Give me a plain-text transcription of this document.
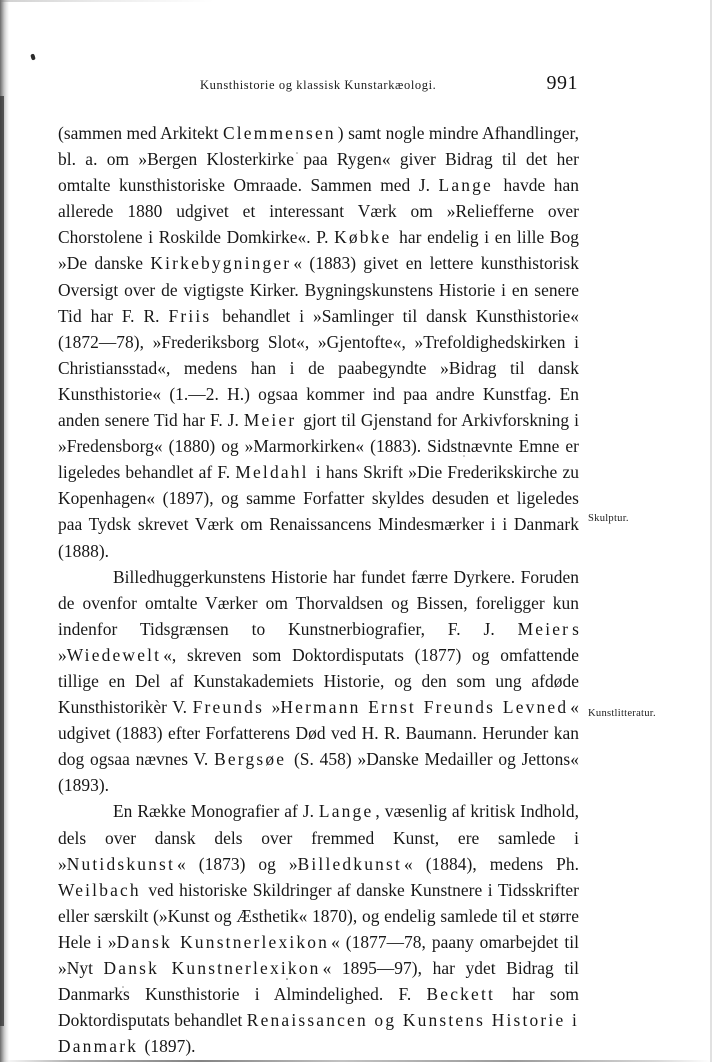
Kunsthistorie og klassisk Kunstarkæologi.	991

(sammen med Arkitekt Clemmensen ) samt nogle mindre Afhandlinger, bl. a. om »Bergen Klosterkirke paa Rygen« giver Bidrag til det her omtalte kunsthistoriske Omraade. Sammen med J. Lange havde han allerede 1880 udgivet et interessant Værk om »Reliefferne over Chorstolene i Roskilde Domkirke«. P. Købke har endelig i en lille Bog »De danske Kirkebygninger « (1883) givet en lettere kunsthistorisk Oversigt over de vigtigste Kirker. Bygningskunstens Historie i en senere Tid har F. R. Friis behandlet i »Samlinger til dansk Kunsthistorie« (1872—78), »Frederiksborg Slot«, »Gjentofte«, »Trefoldighedskirken i Christiansstad«, medens han i de paabegyndte »Bidrag til dansk Kunsthistorie« (1.—2. H.) ogsaa kommer ind paa andre Kunstfag. En anden senere Tid har F. J. Meier gjort til Gjenstand for Arkivforskning i »Fredensborg« (1880) og »Marmorkirken« (1883). Sidstnævnte Emne er ligeledes behandlet af F. Meldahl i hans Skrift »Die Frederikskirche zu Kopenhagen« (1897), og samme Forfatter skyldes desuden et ligeledes paa Tydsk skrevet Værk om Renaissancens Mindesmærker i i Danmark (1888).

Billedhuggerkunstens Historie har fundet færre Dyrkere. Foruden de ovenfor omtalte Værker om Thorvaldsen og Bissen, foreligger kun indenfor Tidsgrænsen to Kunstnerbiografier, F. J. Meier s »Wiedewelt «, skreven som Doktordisputats (1877) og omfattende tillige en Del af Kunstakademiets Historie, og den som ung afdøde Kunsthistorikèr V. Freunds »Hermann Ernst Freunds Levned « udgivet (1883) efter Forfatterens Død ved H. R. Baumann. Herunder kan dog ogsaa nævnes V. Bergsøe (S. 458) »Danske Medailler og Jettons« (1893).

En Række Monografier af J. Lange , væsenlig af kritisk Indhold, dels over dansk dels over fremmed Kunst, ere samlede i »Nutidskunst « (1873) og »Billedkunst « (1884), medens Ph. Weilbach ved historiske Skildringer af danske Kunstnere i Tidsskrifter eller særskilt (»Kunst og Æsthetik« 1870), og endelig samlede til et større Hele i »Dansk Kunstnerlexikon « (1877—78, paany omarbejdet til »Nyt Dansk Kunstnerlexikon « 1895—97), har ydet Bidrag til Danmarks Kunsthistorie i Almindelighed. F. Beckett har som Doktordisputats behandlet Renaissancen og Kunstens Historie i Danmark (1897).

Skulptur.
Kunstlitteratur.
